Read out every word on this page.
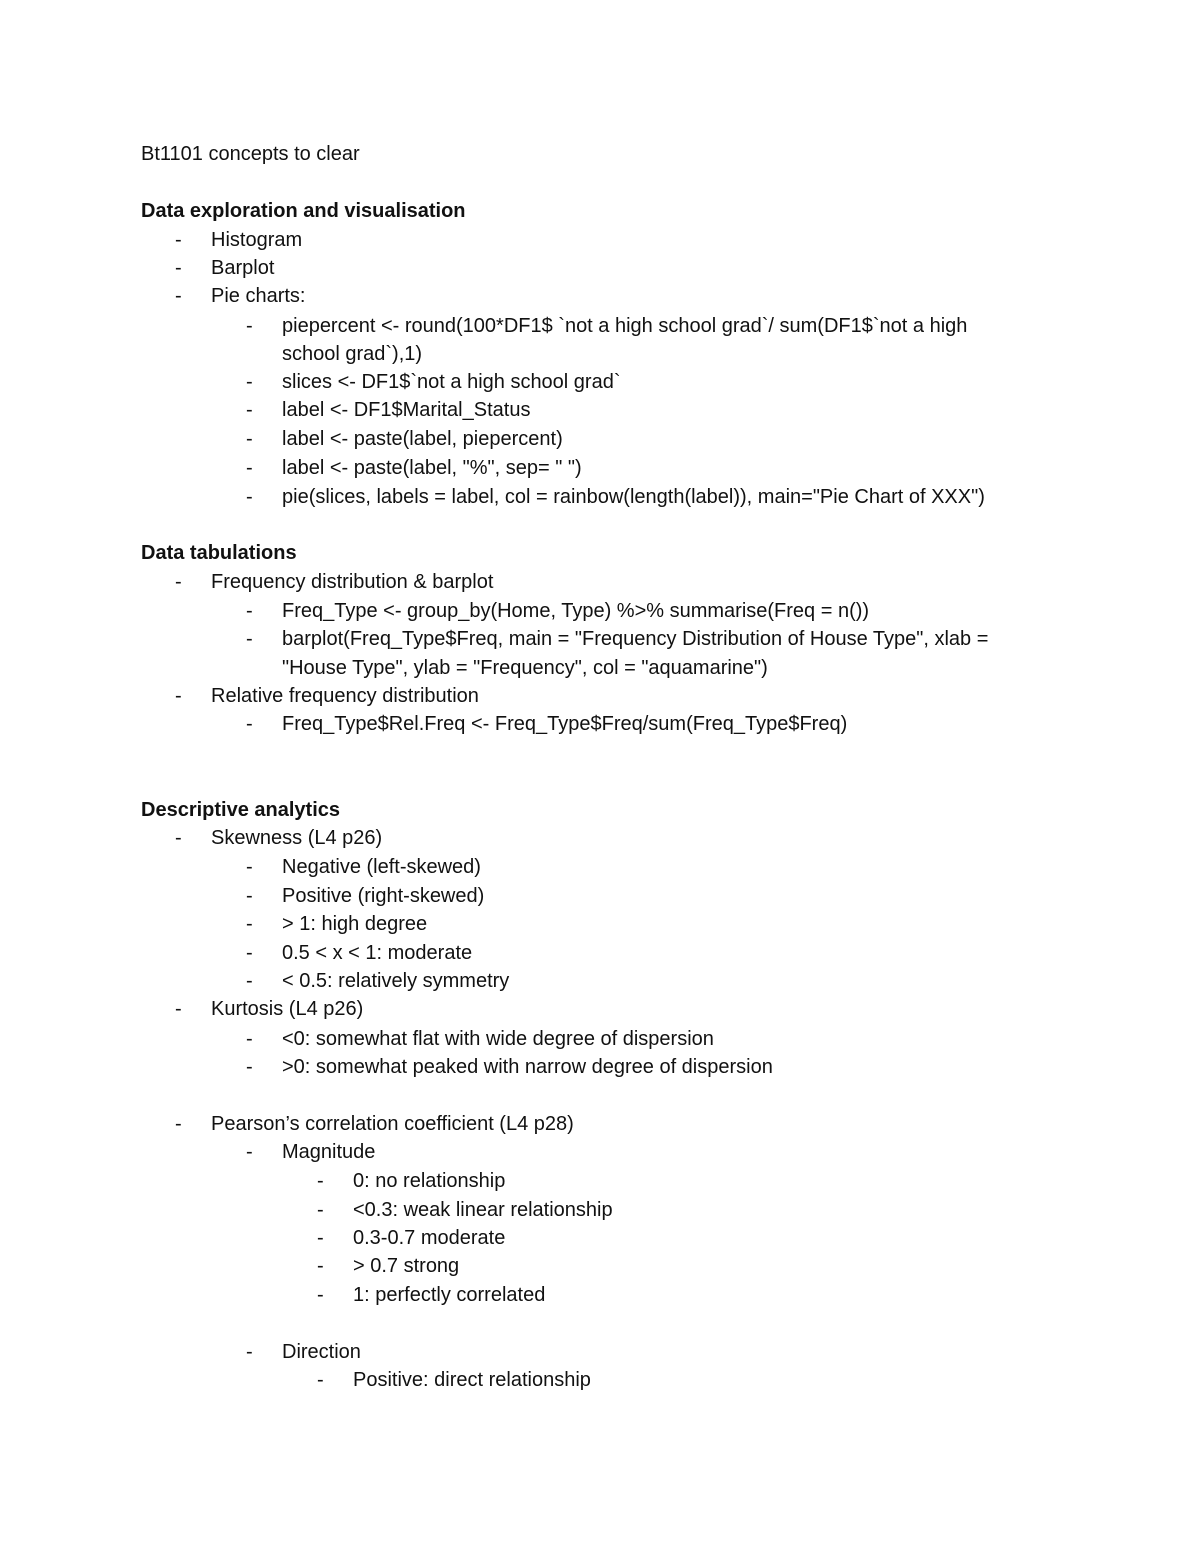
Bt1101 concepts to clear
Data exploration and visualisation
- Histogram
- Barplot
- Pie charts:
- piepercent <- round(100*DF1$ `not a high school grad`/ sum(DF1$`not a high
school grad`),1)
- slices <- DF1$`not a high school grad`
- label <- DF1$Marital_Status
- label <- paste(label, piepercent)
- label <- paste(label, "%", sep= " ")
- pie(slices, labels = label, col = rainbow(length(label)), main="Pie Chart of XXX")
Data tabulations
- Frequency distribution & barplot
- Freq_Type <- group_by(Home, Type) %>% summarise(Freq = n())
- barplot(Freq_Type$Freq, main = "Frequency Distribution of House Type", xlab =
"House Type", ylab = "Frequency", col = "aquamarine")
- Relative frequency distribution
- Freq_Type$Rel.Freq <- Freq_Type$Freq/sum(Freq_Type$Freq)
Descriptive analytics
- Skewness (L4 p26)
- Negative (left-skewed)
- Positive (right-skewed)
- > 1: high degree
- 0.5 < x < 1: moderate
- < 0.5: relatively symmetry
- Kurtosis (L4 p26)
- <0: somewhat flat with wide degree of dispersion
- >0: somewhat peaked with narrow degree of dispersion
- Pearson’s correlation coefficient (L4 p28)
- Magnitude
- 0: no relationship
- <0.3: weak linear relationship
- 0.3-0.7 moderate
- > 0.7 strong
- 1: perfectly correlated
- Direction
- Positive: direct relationship
